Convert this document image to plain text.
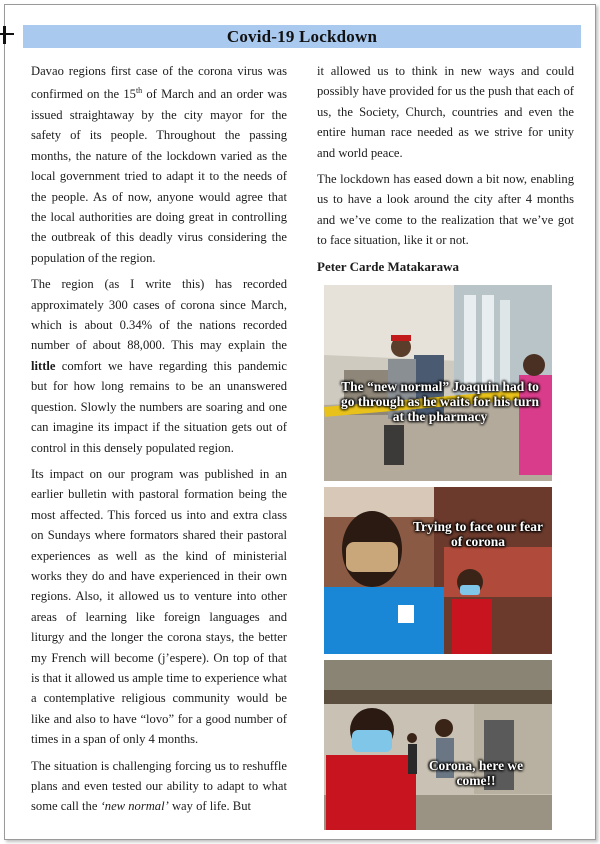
Covid-19 Lockdown

Davao regions first case of the corona virus was confirmed on the 15th of March and an order was issued straightaway by the city mayor for the safety of its people. Throughout the passing months, the nature of the lockdown varied as the local government tried to adapt it to the needs of the people. As of now, anyone would agree that the local authorities are doing great in controlling the outbreak of this deadly virus considering the population of the region.

The region (as I write this) has recorded approximately 300 cases of corona since March, which is about 0.34% of the nations recorded number of about 88,000. This may explain the little comfort we have regarding this pandemic but for how long remains to be an unanswered question. Slowly the numbers are soaring and one can imagine its impact if the situation gets out of control in this densely populated region.

Its impact on our program was published in an earlier bulletin with pastoral formation being the most affected. This forced us into and extra class on Sundays where formators shared their pastoral experiences as well as the kind of ministerial works they do and have experienced in their own regions. Also, it allowed us to venture into other areas of learning like foreign languages and liturgy and the longer the corona stays, the better my French will become (j’espere). On top of that is that it allowed us ample time to experience what a contemplative religious community would be like and also to have “lovo” for a good number of times in a span of only 4 months.

The situation is challenging forcing us to reshuffle plans and even tested our ability to adapt to what some call the ‘new normal’ way of life. But

it allowed us to think in new ways and could possibly have provided for us the push that each of us, the Society, Church, countries and even the entire human race needed as we strive for unity and world peace.

The lockdown has eased down a bit now, enabling us to have a look around the city after 4 months and we’ve come to the realization that we’ve got to face situation, like it or not.

Peter Carde Matakarawa

The “new normal” Joaquin had to go through as he waits for his turn at the pharmacy
Trying to face our fear of corona
Corona, here we come!!
